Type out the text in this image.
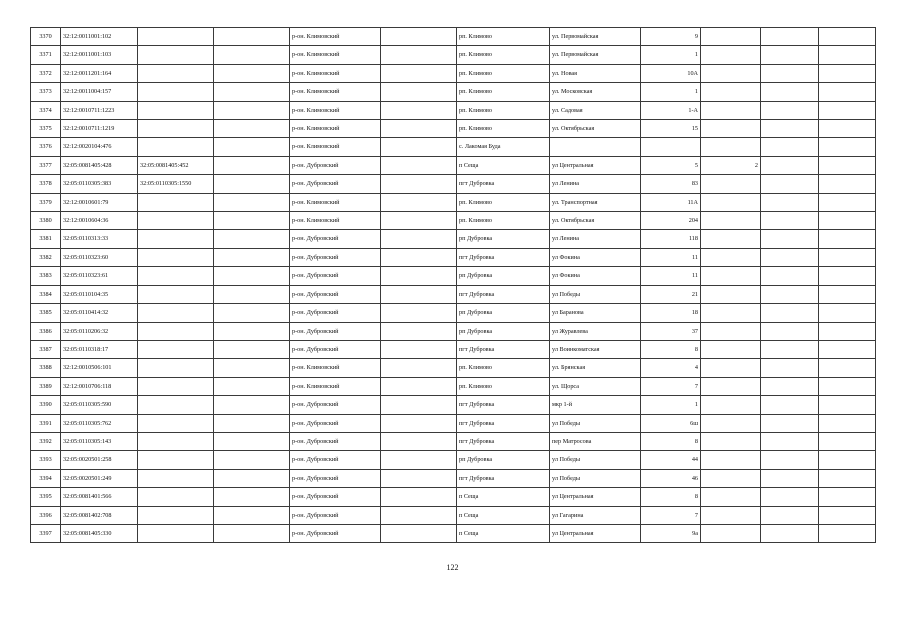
3370	32:12:0011001:102			р-он. Климовский		рп. Климово	ул. Первомайская	9			
3371	32:12:0011001:103			р-он. Климовский		рп. Климово	ул. Первомайская	1			
3372	32:12:0011201:164			р-он. Климовский		рп. Климово	ул. Новая	10А			
3373	32:12:0011004:157			р-он. Климовский		рп. Климово	ул. Московская	1			
3374	32:12:0010711:1223			р-он. Климовский		рп. Климово	ул. Садовая	1-А			
3375	32:12:0010711:1219			р-он. Климовский		рп. Климово	ул. Октябрьская	15			
3376	32:12:0020104:476			р-он. Климовский		с. Лакомая Буда					
3377	32:05:0081405:428	32:05:0081405:452		р-он. Дубровский		п Сеща	ул Центральная	5	2		
3378	32:05:0110305:383	32:05:0110305:1550		р-он. Дубровский		пгт Дубровка	ул Ленина	83			
3379	32:12:0010601:79			р-он. Климовский		рп. Климово	ул. Транспортная	11А			
3380	32:12:0010604:36			р-он. Климовский		рп. Климово	ул. Октябрьская	204			
3381	32:05:0110313:33			р-он. Дубровский		рп Дубровка	ул Ленина	118			
3382	32:05:0110323:60			р-он. Дубровский		пгт Дубровка	ул Фокина	11			
3383	32:05:0110323:61			р-он. Дубровский		рп Дубровка	ул Фокина	11			
3384	32:05:0110104:35			р-он. Дубровский		пгт Дубровка	ул Победы	21			
3385	32:05:0110414:32			р-он. Дубровский		рп Дубровка	ул Баранова	18			
3386	32:05:0110206:32			р-он. Дубровский		рп Дубровка	ул Журавлева	37			
3387	32:05:0110318:17			р-он. Дубровский		пгт Дубровка	ул Воинкоматская	8			
3388	32:12:0010506:101			р-он. Климовский		рп. Климово	ул. Брянская	4			
3389	32:12:0010706:118			р-он. Климовский		рп. Климово	ул. Щорса	7			
3390	32:05:0110305:590			р-он. Дубровский		пгт Дубровка	мкр 1-й	1			
3391	32:05:0110305:762			р-он. Дубровский		пгт Дубровка	ул Победы	6ш			
3392	32:05:0110305:143			р-он. Дубровский		пгт Дубровка	пер Матросова	8			
3393	32:05:0020501:258			р-он. Дубровский		рп Дубровка	ул Победы	44			
3394	32:05:0020501:249			р-он. Дубровский		пгт Дубровка	ул Победы	46			
3395	32:05:0081401:566			р-он. Дубровский		п Сеща	ул Центральная	8			
3396	32:05:0081402:708			р-он. Дубровский		п Сеща	ул Гагарина	7			
3397	32:05:0081405:330			р-он. Дубровский		п Сеща	ул Центральная	9а			
122
